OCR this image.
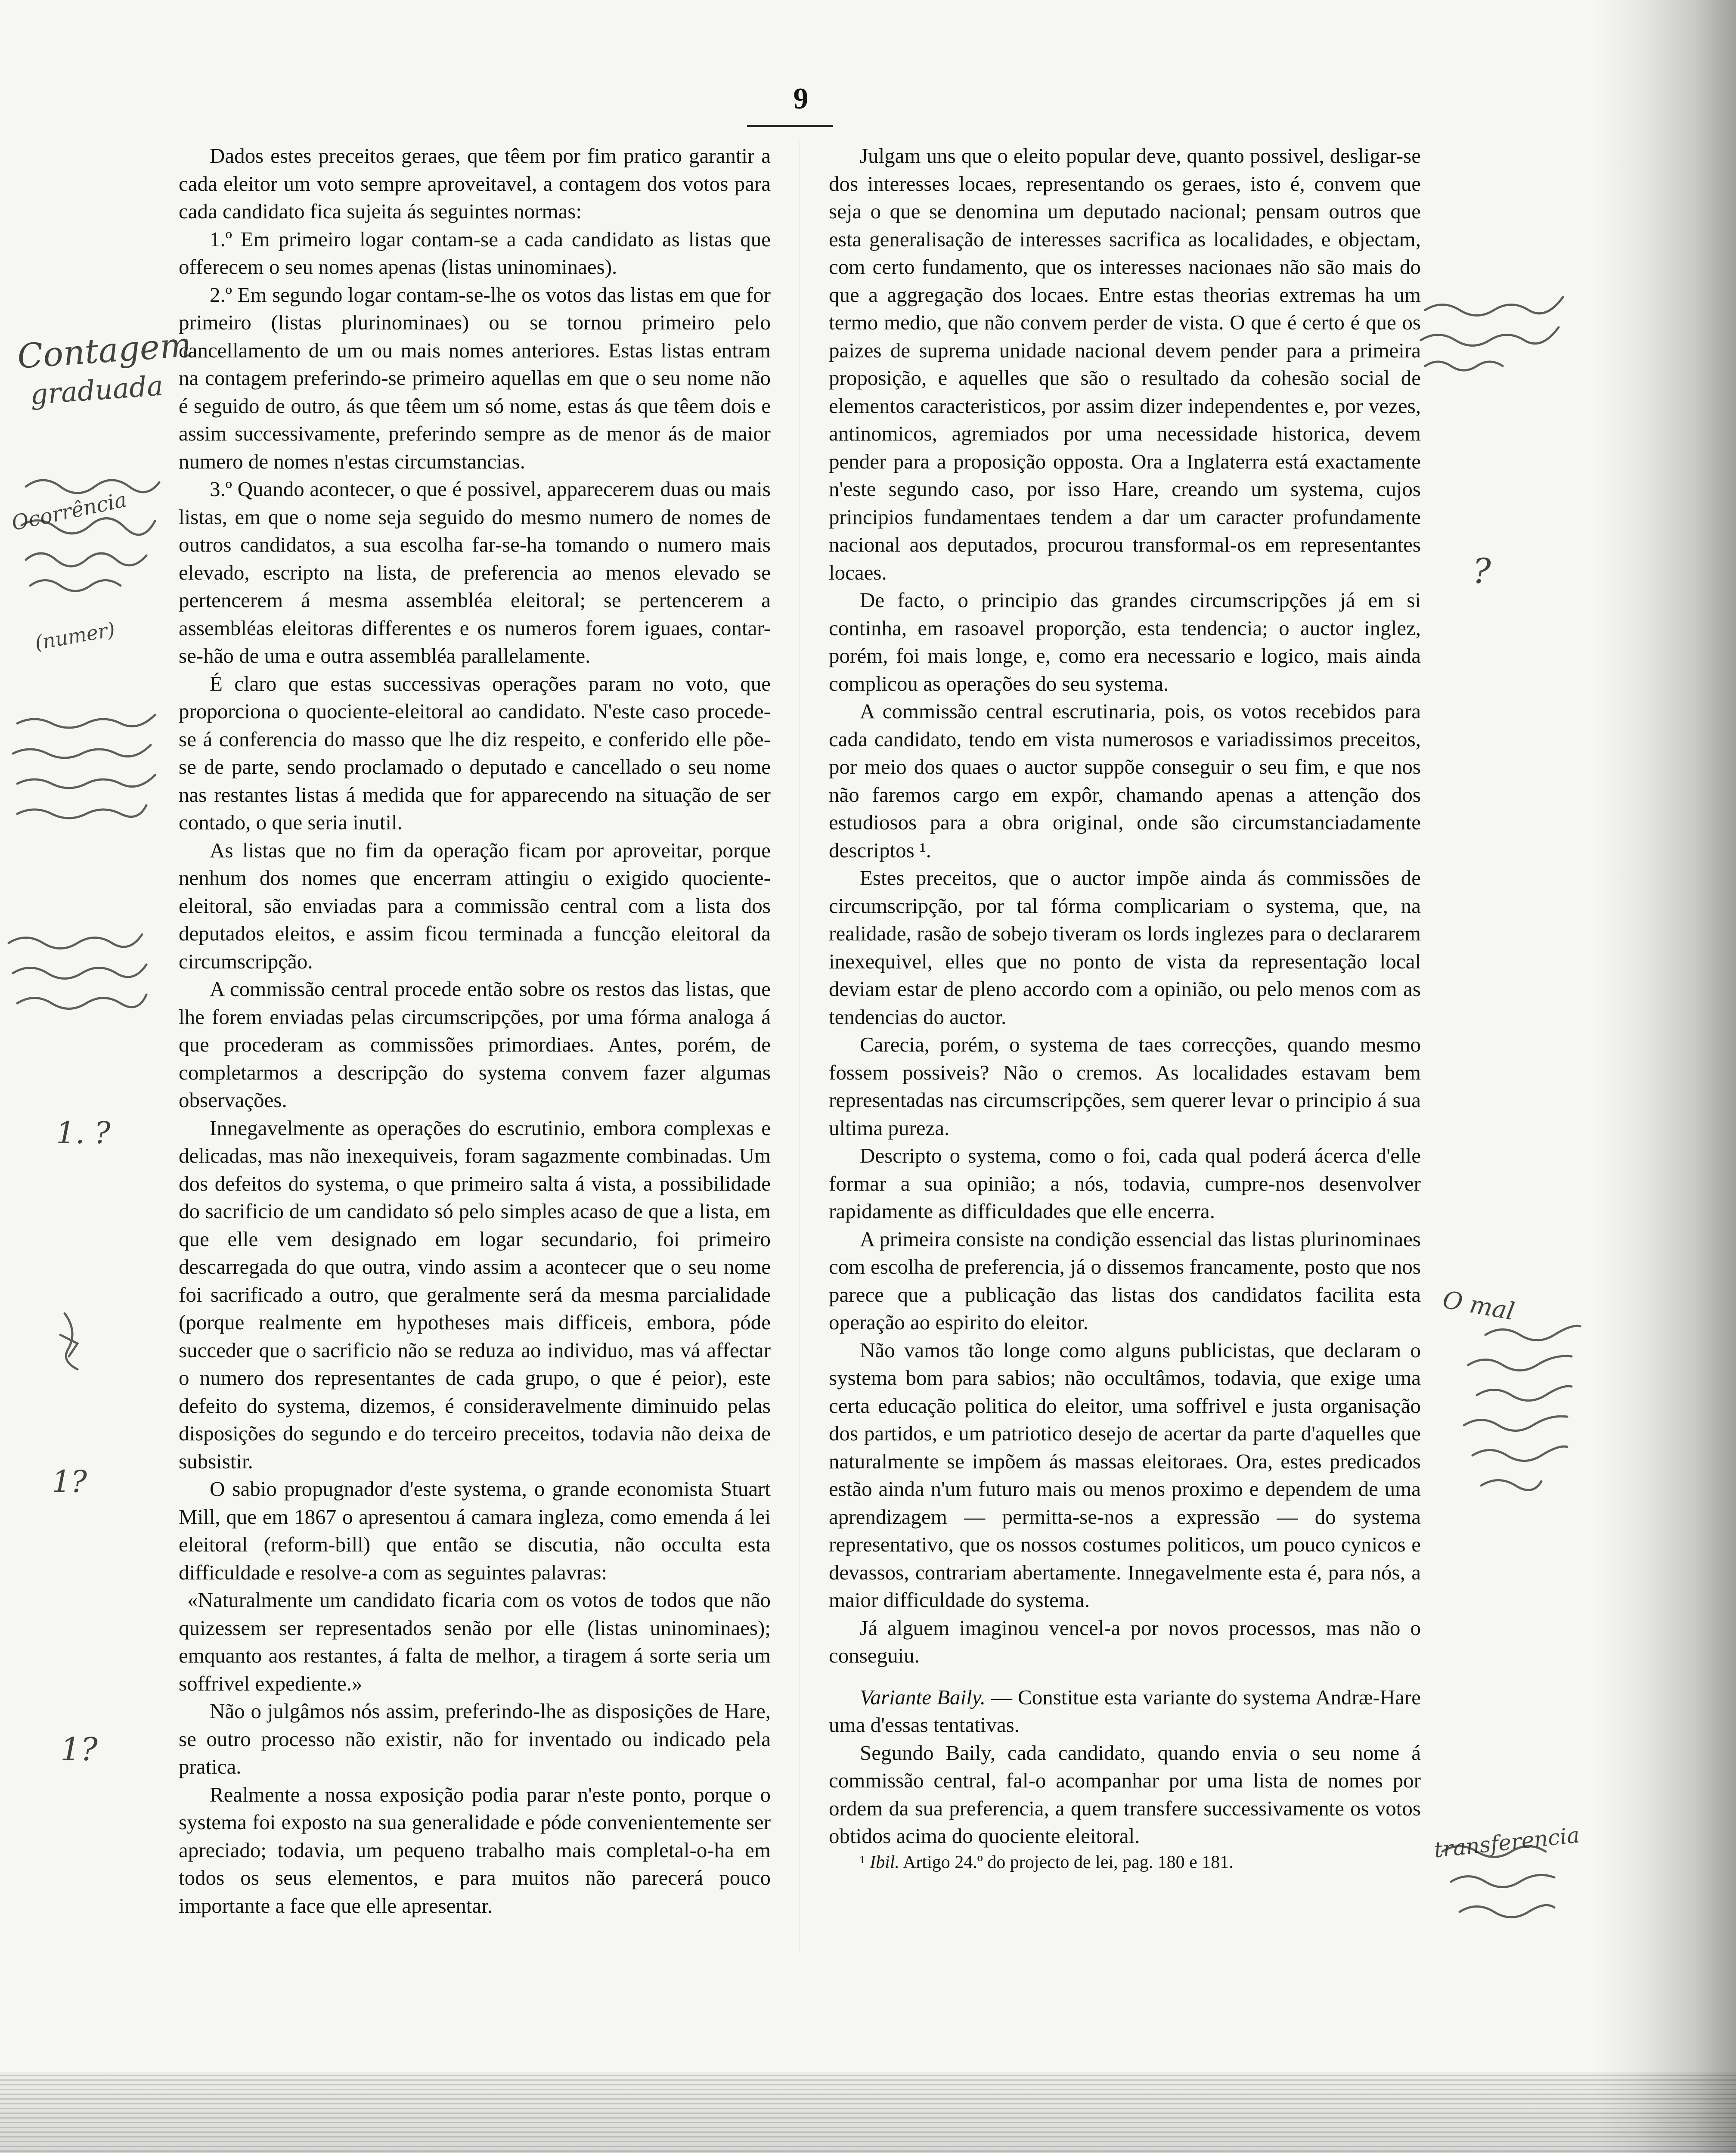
9

Dados estes preceitos geraes, que têem por fim pratico garantir a cada eleitor um voto sempre aproveitavel, a contagem dos votos para cada candidato fica sujeita ás seguintes normas:

1.º Em primeiro logar contam-se a cada candidato as listas que offerecem o seu nomes apenas (listas uninominaes).

2.º Em segundo logar contam-se-lhe os votos das listas em que for primeiro (listas plurinominaes) ou se tornou primeiro pelo cancellamento de um ou mais nomes anteriores. Estas listas entram na contagem preferindo-se primeiro aquellas em que o seu nome não é seguido de outro, ás que têem um só nome, estas ás que têem dois e assim successivamente, preferindo sempre as de menor ás de maior numero de nomes n'estas circumstancias.

3.º Quando acontecer, o que é possivel, apparecerem duas ou mais listas, em que o nome seja seguido do mesmo numero de nomes de outros candidatos, a sua escolha far-se-ha tomando o numero mais elevado, escripto na lista, de preferencia ao menos elevado se pertencerem á mesma assembléa eleitoral; se pertencerem a assembléas eleitoras differentes e os numeros forem iguaes, contar-se-hão de uma e outra assembléa parallelamente.

É claro que estas successivas operações param no voto, que proporciona o quociente-eleitoral ao candidato. N'este caso procede-se á conferencia do masso que lhe diz respeito, e conferido elle põe-se de parte, sendo proclamado o deputado e cancellado o seu nome nas restantes listas á medida que for apparecendo na situação de ser contado, o que seria inutil.

As listas que no fim da operação ficam por aproveitar, porque nenhum dos nomes que encerram attingiu o exigido quociente-eleitoral, são enviadas para a commissão central com a lista dos deputados eleitos, e assim ficou terminada a funcção eleitoral da circumscripção.

A commissão central procede então sobre os restos das listas, que lhe forem enviadas pelas circumscripções, por uma fórma analoga á que procederam as commissões primordiaes. Antes, porém, de completarmos a descripção do systema convem fazer algumas observações.

Innegavelmente as operações do escrutinio, embora complexas e delicadas, mas não inexequiveis, foram sagazmente combinadas. Um dos defeitos do systema, o que primeiro salta á vista, a possibilidade do sacrificio de um candidato só pelo simples acaso de que a lista, em que elle vem designado em logar secundario, foi primeiro descarregada do que outra, vindo assim a acontecer que o seu nome foi sacrificado a outro, que geralmente será da mesma parcialidade (porque realmente em hypotheses mais difficeis, embora, póde succeder que o sacrificio não se reduza ao individuo, mas vá affectar o numero dos representantes de cada grupo, o que é peior), este defeito do systema, dizemos, é consideravelmente diminuido pelas disposições do segundo e do terceiro preceitos, todavia não deixa de subsistir.

O sabio propugnador d'este systema, o grande economista Stuart Mill, que em 1867 o apresentou á camara ingleza, como emenda á lei eleitoral (reform-bill) que então se discutia, não occulta esta difficuldade e resolve-a com as seguintes palavras:

«Naturalmente um candidato ficaria com os votos de todos que não quizessem ser representados senão por elle (listas uninominaes); emquanto aos restantes, á falta de melhor, a tiragem á sorte seria um soffrivel expediente.»

Não o julgâmos nós assim, preferindo-lhe as disposições de Hare, se outro processo não existir, não for inventado ou indicado pela pratica.

Realmente a nossa exposição podia parar n'este ponto, porque o systema foi exposto na sua generalidade e póde convenientemente ser apreciado; todavia, um pequeno trabalho mais completal-o-ha em todos os seus elementos, e para muitos não parecerá pouco importante a face que elle apresentar.

Julgam uns que o eleito popular deve, quanto possivel, desligar-se dos interesses locaes, representando os geraes, isto é, convem que seja o que se denomina um deputado nacional; pensam outros que esta generalisação de interesses sacrifica as localidades, e objectam, com certo fundamento, que os interesses nacionaes não são mais do que a aggregação dos locaes. Entre estas theorias extremas ha um termo medio, que não convem perder de vista. O que é certo é que os paizes de suprema unidade nacional devem pender para a primeira proposição, e aquelles que são o resultado da cohesão social de elementos caracteristicos, por assim dizer independentes e, por vezes, antinomicos, agremiados por uma necessidade historica, devem pender para a proposição opposta. Ora a Inglaterra está exactamente n'este segundo caso, por isso Hare, creando um systema, cujos principios fundamentaes tendem a dar um caracter profundamente nacional aos deputados, procurou transformal-os em representantes locaes.

De facto, o principio das grandes circumscripções já em si continha, em rasoavel proporção, esta tendencia; o auctor inglez, porém, foi mais longe, e, como era necessario e logico, mais ainda complicou as operações do seu systema.

A commissão central escrutinaria, pois, os votos recebidos para cada candidato, tendo em vista numerosos e variadissimos preceitos, por meio dos quaes o auctor suppõe conseguir o seu fim, e que nos não faremos cargo em expôr, chamando apenas a attenção dos estudiosos para a obra original, onde são circumstanciadamente descriptos ¹.

Estes preceitos, que o auctor impõe ainda ás commissões de circumscripção, por tal fórma complicariam o systema, que, na realidade, rasão de sobejo tiveram os lords inglezes para o declararem inexequivel, elles que no ponto de vista da representação local deviam estar de pleno accordo com a opinião, ou pelo menos com as tendencias do auctor.

Carecia, porém, o systema de taes correcções, quando mesmo fossem possiveis? Não o cremos. As localidades estavam bem representadas nas circumscripções, sem querer levar o principio á sua ultima pureza.

Descripto o systema, como o foi, cada qual poderá ácerca d'elle formar a sua opinião; a nós, todavia, cumpre-nos desenvolver rapidamente as difficuldades que elle encerra.

A primeira consiste na condição essencial das listas plurinominaes com escolha de preferencia, já o dissemos francamente, posto que nos parece que a publicação das listas dos candidatos facilita esta operação ao espirito do eleitor.

Não vamos tão longe como alguns publicistas, que declaram o systema bom para sabios; não occultâmos, todavia, que exige uma certa educação politica do eleitor, uma soffrivel e justa organisação dos partidos, e um patriotico desejo de acertar da parte d'aquelles que naturalmente se impõem ás massas eleitoraes. Ora, estes predicados estão ainda n'um futuro mais ou menos proximo e dependem de uma aprendizagem — permitta-se-nos a expressão — do systema representativo, que os nossos costumes politicos, um pouco cynicos e devassos, contrariam abertamente. Innegavelmente esta é, para nós, a maior difficuldade do systema.

Já alguem imaginou vencel-a por novos processos, mas não o conseguiu.

Variante Baily. — Constitue esta variante do systema Andræ-Hare uma d'essas tentativas.

Segundo Baily, cada candidato, quando envia o seu nome á commissão central, fal-o acompanhar por uma lista de nomes por ordem da sua preferencia, a quem transfere successivamente os votos obtidos acima do quociente eleitoral.

¹ Ibil. Artigo 24.º do projecto de lei, pag. 180 e 181.

Contagem
graduada
Ocorrência
(numer)
1. ?
1?
1?
?
O mal
transferencia
